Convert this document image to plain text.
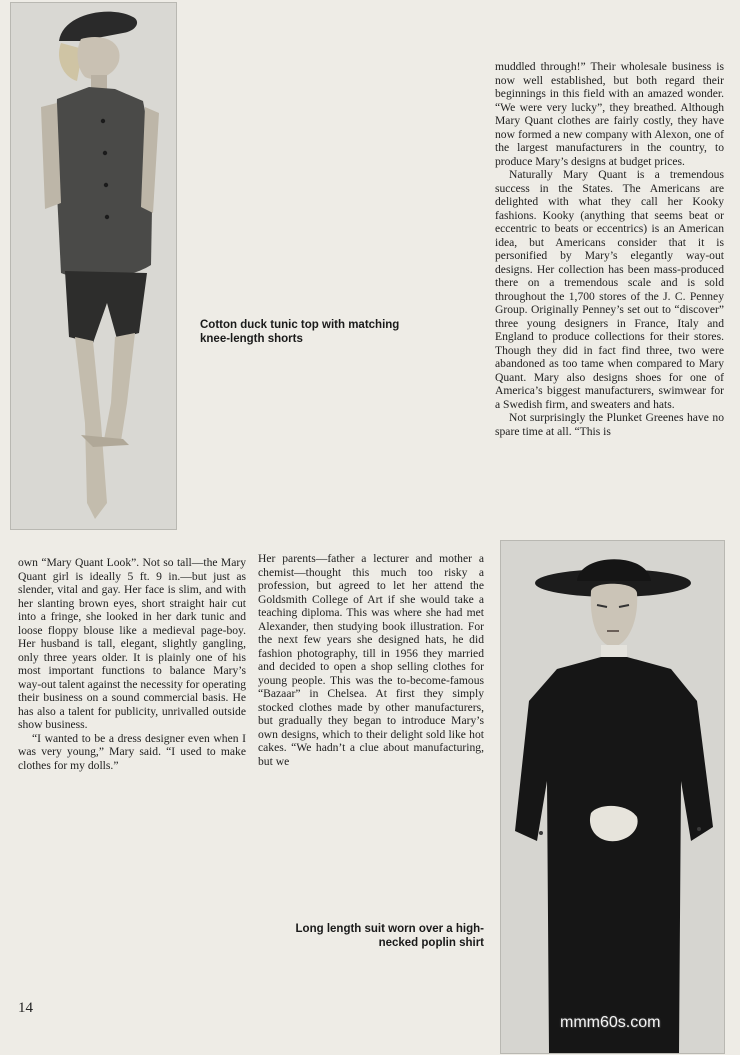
Cotton duck tunic top with matching knee-length shorts

muddled through!” Their wholesale business is now well established, but both regard their beginnings in this field with an amazed wonder. “We were very lucky”, they breathed. Although Mary Quant clothes are fairly costly, they have now formed a new company with Alexon, one of the largest manufacturers in the country, to produce Mary’s designs at budget prices.

Naturally Mary Quant is a tremendous success in the States. The Americans are delighted with what they call her Kooky fashions. Kooky (anything that seems beat or eccentric to beats or eccentrics) is an American idea, but Americans consider that it is personified by Mary’s elegantly way-out designs. Her collection has been mass-produced there on a tremendous scale and is sold throughout the 1,700 stores of the J. C. Penney Group. Originally Penney’s set out to “discover” three young designers in France, Italy and England to produce collections for their stores. Though they did in fact find three, two were abandoned as too tame when compared to Mary Quant. Mary also designs shoes for one of America’s biggest manufacturers, swimwear for a Swedish firm, and sweaters and hats.

Not surprisingly the Plunket Greenes have no spare time at all. “This is

own “Mary Quant Look”. Not so tall—the Mary Quant girl is ideally 5 ft. 9 in.—but just as slender, vital and gay. Her face is slim, and with her slanting brown eyes, short straight hair cut into a fringe, she looked in her dark tunic and loose floppy blouse like a medieval page-boy. Her husband is tall, elegant, slightly gangling, only three years older. It is plainly one of his most important functions to balance Mary’s way-out talent against the necessity for operating their business on a sound commercial basis. He has also a talent for publicity, unrivalled outside show business.

“I wanted to be a dress designer even when I was very young,” Mary said. “I used to make clothes for my dolls.”

Her parents—father a lecturer and mother a chemist—thought this much too risky a profession, but agreed to let her attend the Goldsmith College of Art if she would take a teaching diploma. This was where she had met Alexander, then studying book illustration. For the next few years she designed hats, he did fashion photography, till in 1956 they married and decided to open a shop selling clothes for young people. This was the to-become-famous “Bazaar” in Chelsea. At first they simply stocked clothes made by other manufacturers, but gradually they began to introduce Mary’s own designs, which to their delight sold like hot cakes. “We hadn’t a clue about manufacturing, but we

Long length suit worn over a high-necked poplin shirt
14
mmm60s.com
